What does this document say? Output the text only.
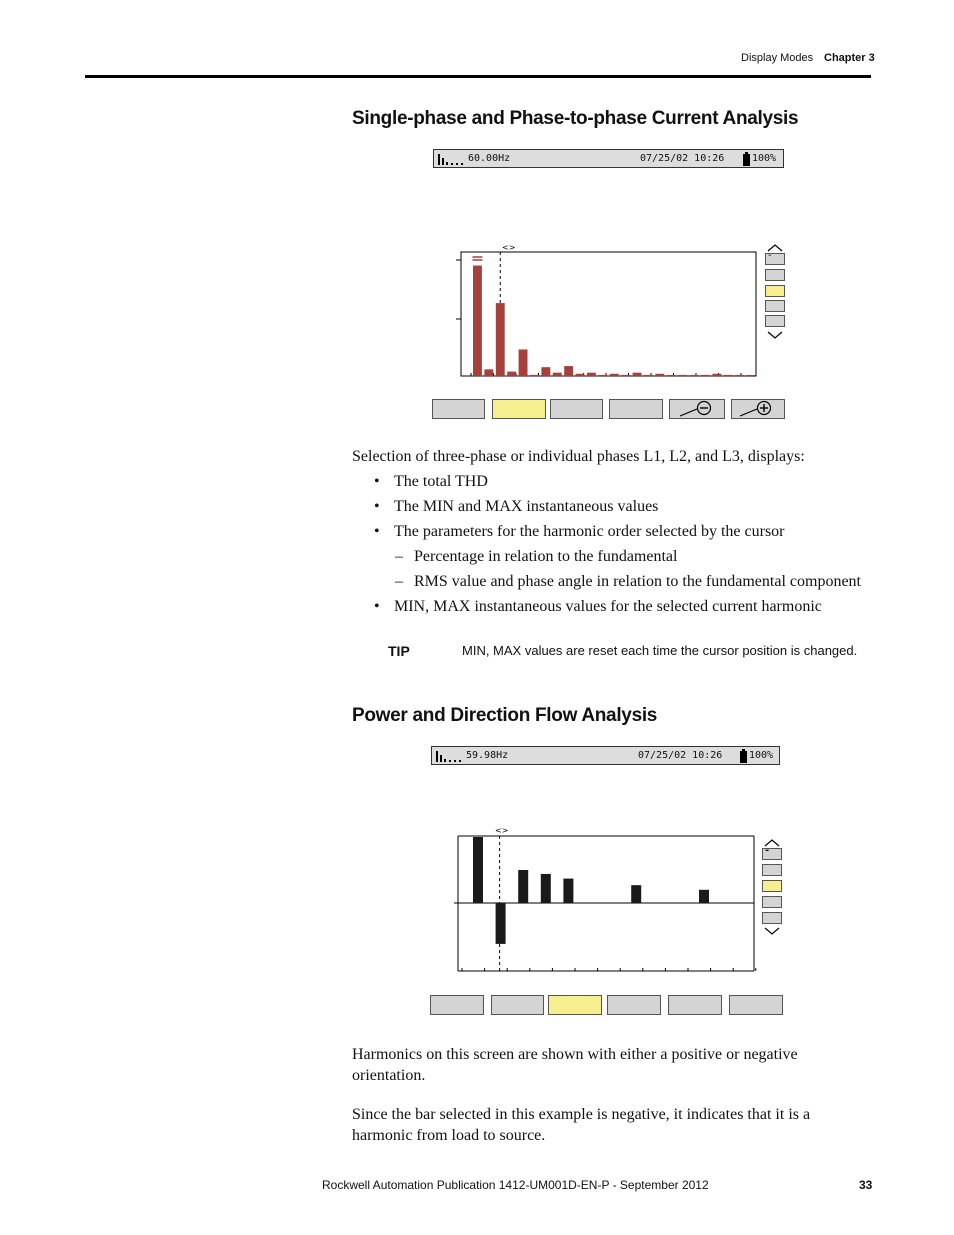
Display Modes Chapter 3
Single-phase and Phase-to-phase Current Analysis
60.00Hz	07/25/02 10:26	100%
<>
-

Selection of three-phase or individual phases L1, L2, and L3, displays:

• The total THD
• The MIN and MAX instantaneous values
• The parameters for the harmonic order selected by the cursor
– Percentage in relation to the fundamental
– RMS value and phase angle in relation to the fundamental component
• MIN, MAX instantaneous values for the selected current harmonic
TIP	MIN, MAX values are reset each time the cursor position is changed.
Power and Direction Flow Analysis
59.98Hz	07/25/02 10:26	100%
<>
-

Harmonics on this screen are shown with either a positive or negative orientation.

Since the bar selected in this example is negative, it indicates that it is a harmonic from load to source.

Rockwell Automation Publication 1412-UM001D-EN-P - September 2012	33
